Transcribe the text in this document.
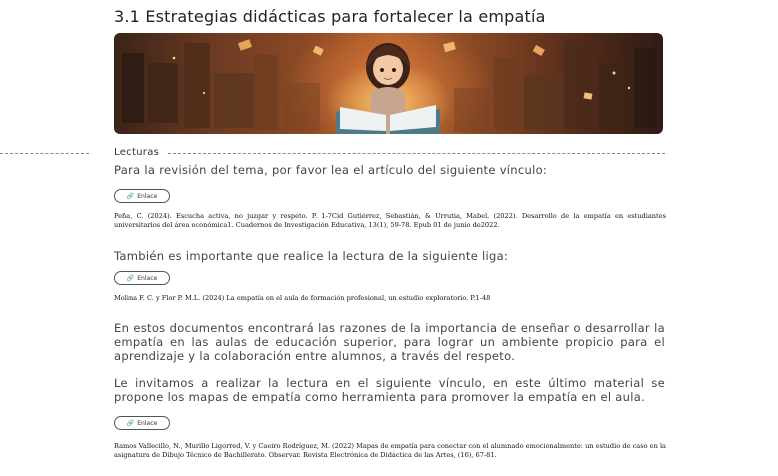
3.1 Estrategias didácticas para fortalecer la empatía
Lecturas

Para la revisión del tema, por favor lea el artículo del siguiente vínculo:

🔗 Enlace

Peña, C. (2024). Escucha activa, no juzgar y respeto. P. 1-7Cid Gutiérrez, Sebastián, & Urrutia, Mabel. (2022). Desarrollo de la empatía en estudiantes universitarios del área económica1. Cuadernos de Investigación Educativa, 13(1), 59-78. Epub 01 de junio de2022.

También es importante que realice la lectura de la siguiente liga:

🔗 Enlace

Molina F. C. y Flor P. M.L. (2024) La empatía en el aula de formación profesional, un estudio exploratorio. P.1-48

En estos documentos encontrará las razones de la importancia de enseñar o desarrollar la empatía en las aulas de educación superior, para lograr un ambiente propicio para el aprendizaje y la colaboración entre alumnos, a través del respeto.

Le invitamos a realizar la lectura en el siguiente vínculo, en este último material se propone los mapas de empatía como herramienta para promover la empatía en el aula.

🔗 Enlace

Ramos Vallecillo, N., Murillo Ligorred, V. y Caeiro Rodríguez, M. (2022) Mapas de empatía para conectar con el alumnado emocionalmente: un estudio de caso en la asignatura de Dibujo Técnico de Bachillerato. Observar. Revista Electrónica de Didáctica de las Artes, (16), 67-81.
